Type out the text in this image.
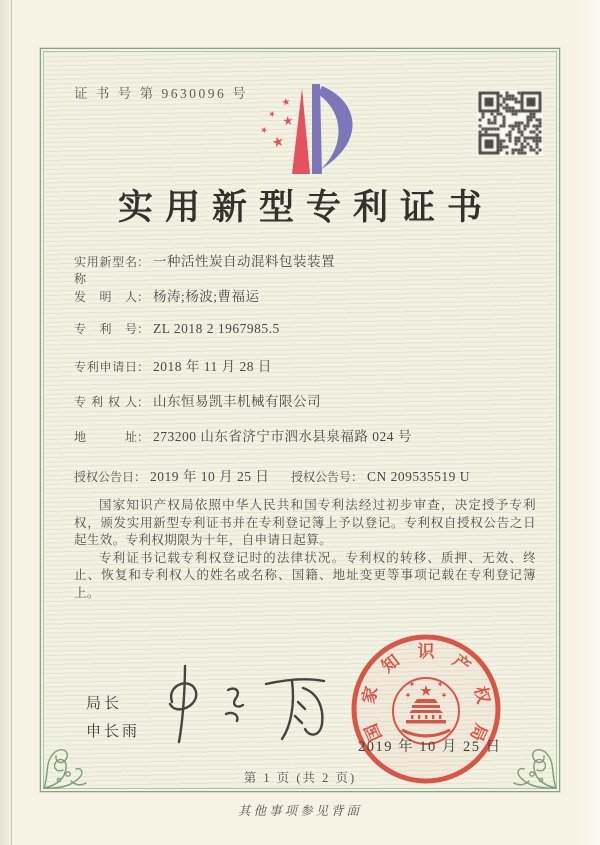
证 书 号 第 9630096 号
实用新型专利证书
实用新型名称
： 一种活性炭自动混料包装装置
发明人 ： 杨涛;杨波;曹福运
专利号 ： ZL 2018 2 1967985.5
专利申请日 ： 2018 年 11 月 28 日
专利权人 ： 山东恒易凯丰机械有限公司
地址 ： 273200 山东省济宁市泗水县泉福路 024 号
授权公告日 ： 2019 年 10 月 25 日 授权公告号 ： CN 209535519 U

国家知识产权局依照中华人民共和国专利法经过初步审查，决定授予专利权，颁发实用新型专利证书并在专利登记簿上予以登记。专利权自授权公告之日起生效。专利权期限为十年，自申请日起算。

专利证书记载专利权登记时的法律状况。专利权的转移、质押、无效、终止、恢复和专利权人的姓名或名称、国籍、地址变更等事项记载在专利登记簿上。

局长
申长雨	国
家
知 识 产
权
局
2019 年 10 月 25 日
第 1 页 (共 2 页)
其他事项参见背面
